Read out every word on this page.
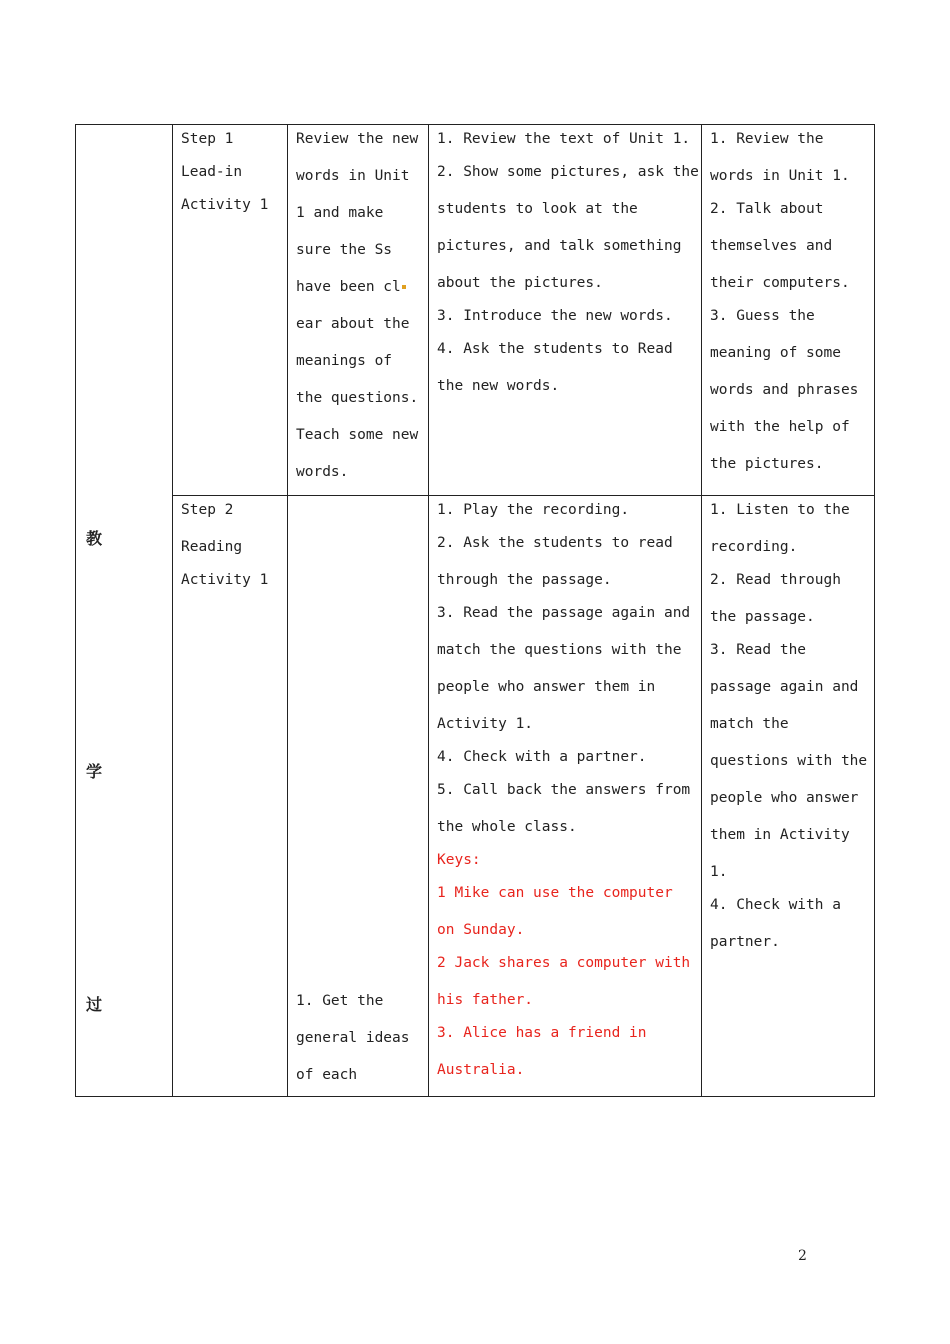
教
学
过

Step 1

Lead-in

Activity 1

Review the new

words in Unit

1 and make

sure the Ss

have been cl

ear about the

meanings of

the questions.

Teach some new

words.

1. Review the text of Unit 1.

2. Show some pictures, ask the

students to look at the

pictures, and talk something

about the pictures.

3. Introduce the new words.

4. Ask the students to Read

the new words.

1. Review the

words in Unit 1.

2. Talk about

themselves and

their computers.

3. Guess the

meaning of some

words and phrases

with the help of

the pictures.

Step 2

Reading

Activity 1

1. Get the

general ideas

of each

1. Play the recording.

2. Ask the students to read

through the passage.

3. Read the passage again and

match the questions with the

people who answer them in

Activity 1.

4. Check with a partner.

5. Call back the answers from

the whole class.

Keys:

1 Mike can use the computer

on Sunday.

2 Jack shares a computer with

his father.

3. Alice has a friend in

Australia.

1. Listen to the

recording.

2. Read through

the passage.

3. Read the

passage again and

match the

questions with the

people who answer

them in Activity

1.

4. Check with a

partner.

2
